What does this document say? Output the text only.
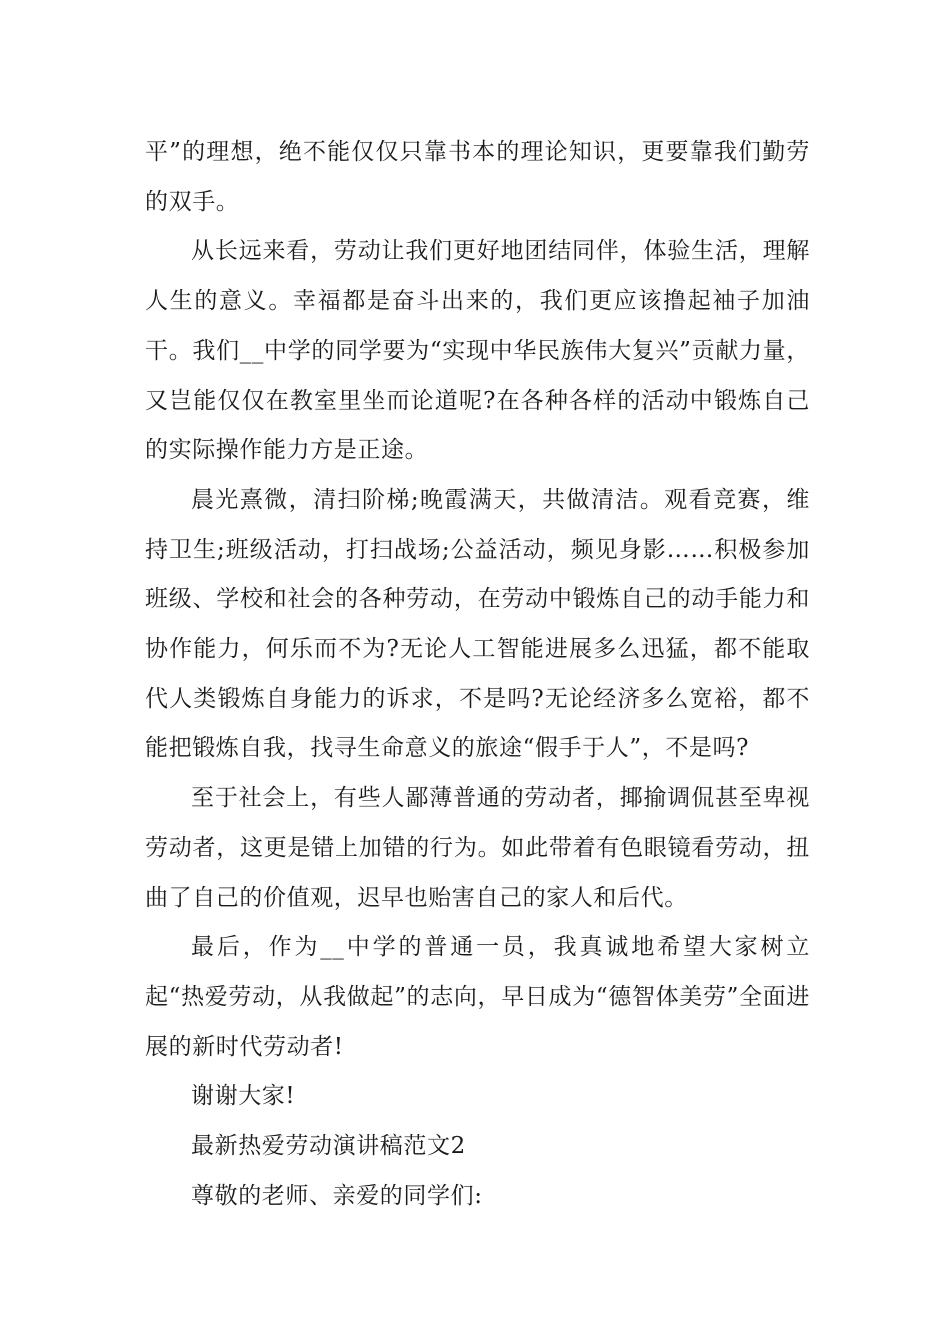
平”的理想，绝不能仅仅只靠书本的理论知识，更要靠我们勤劳的双手。

从长远来看，劳动让我们更好地团结同伴，体验生活，理解人生的意义。幸福都是奋斗出来的，我们更应该撸起袖子加油干。我们__中学的同学要为“实现中华民族伟大复兴”贡献力量，又岂能仅仅在教室里坐而论道呢?在各种各样的活动中锻炼自己的实际操作能力方是正途。

晨光熹微，清扫阶梯;晚霞满天，共做清洁。观看竞赛，维持卫生;班级活动，打扫战场;公益活动，频见身影……积极参加班级、学校和社会的各种劳动，在劳动中锻炼自己的动手能力和协作能力，何乐而不为?无论人工智能进展多么迅猛，都不能取代人类锻炼自身能力的诉求，不是吗?无论经济多么宽裕，都不能把锻炼自我，找寻生命意义的旅途“假手于人”，不是吗?

至于社会上，有些人鄙薄普通的劳动者，揶揄调侃甚至卑视劳动者，这更是错上加错的行为。如此带着有色眼镜看劳动，扭曲了自己的价值观，迟早也贻害自己的家人和后代。

最后，作为__中学的普通一员，我真诚地希望大家树立起“热爱劳动，从我做起”的志向，早日成为“德智体美劳”全面进展的新时代劳动者!

谢谢大家!

最新热爱劳动演讲稿范文2

尊敬的老师、亲爱的同学们:
